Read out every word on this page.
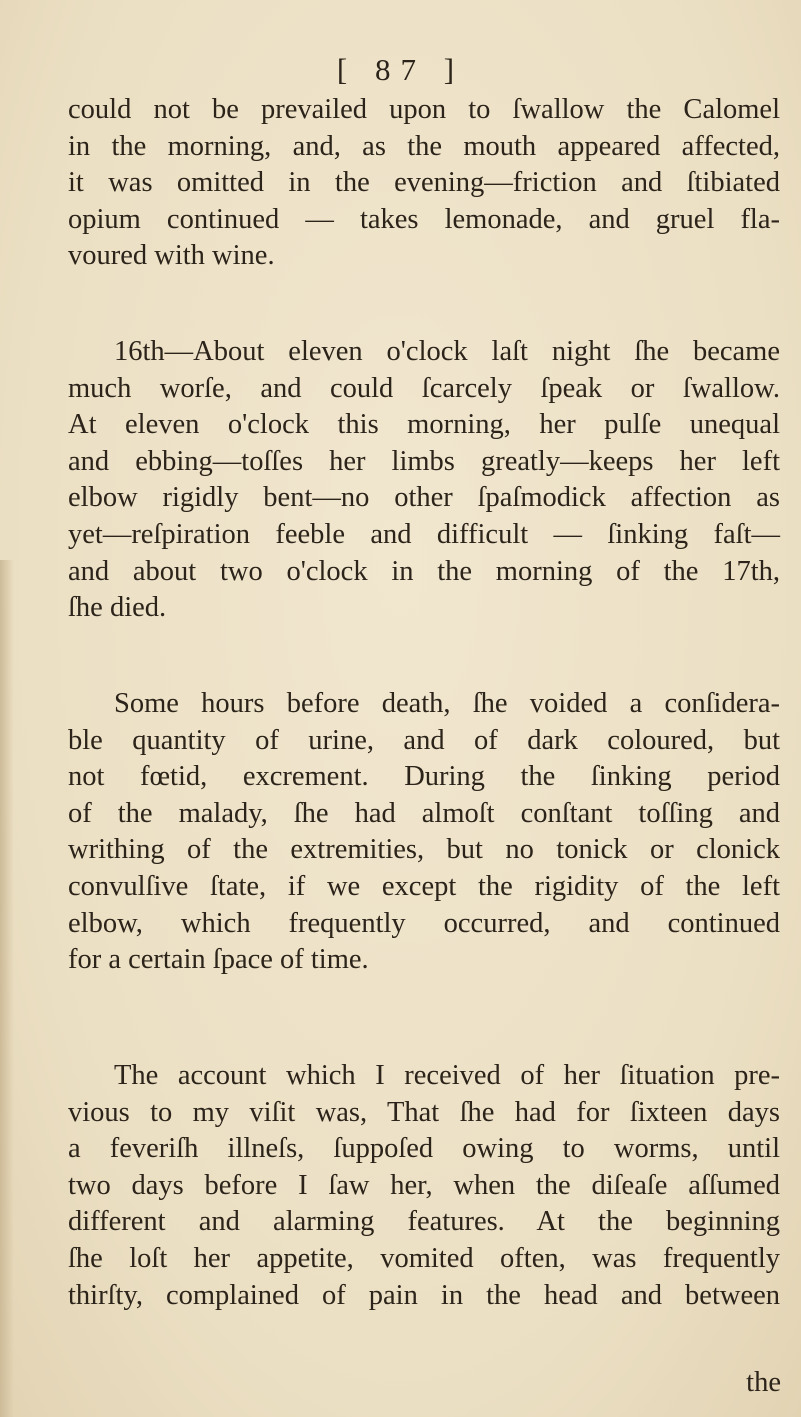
[ 87 ]
could not be prevailed upon to ſwallow the Calomel
in the morning, and, as the mouth appeared affected,
it was omitted in the evening—friction and ſtibiated
opium continued — takes lemonade, and gruel fla-
voured with wine.
16th—About eleven o'clock laſt night ſhe became
much worſe, and could ſcarcely ſpeak or ſwallow.
At eleven o'clock this morning, her pulſe unequal
and ebbing—toſſes her limbs greatly—keeps her left
elbow rigidly bent—no other ſpaſmodick affection as
yet—reſpiration feeble and difficult — ſinking faſt—
and about two o'clock in the morning of the 17th,
ſhe died.
Some hours before death, ſhe voided a conſidera-
ble quantity of urine, and of dark coloured, but
not fœtid, excrement. During the ſinking period
of the malady, ſhe had almoſt conſtant toſſing and
writhing of the extremities, but no tonick or clonick
convulſive ſtate, if we except the rigidity of the left
elbow, which frequently occurred, and continued
for a certain ſpace of time.
The account which I received of her ſituation pre-
vious to my viſit was, That ſhe had for ſixteen days
a feveriſh illneſs, ſuppoſed owing to worms, until
two days before I ſaw her, when the diſeaſe aſſumed
different and alarming features. At the beginning
ſhe loſt her appetite, vomited often, was frequently
thirſty, complained of pain in the head and between
the
